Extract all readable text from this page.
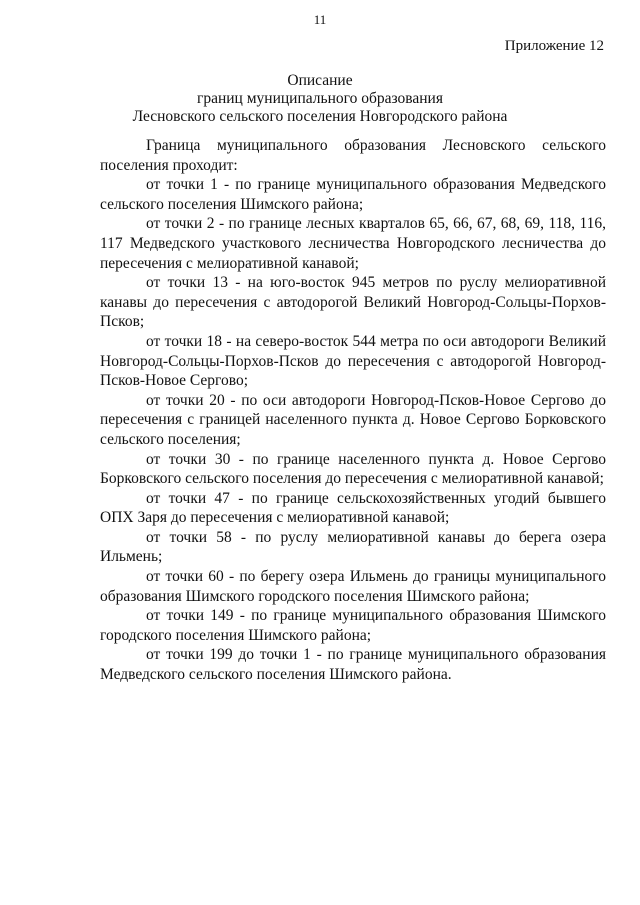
11
Приложение 12
Описание
границ муниципального образования
Лесновского сельского поселения Новгородского района

Граница муниципального образования Лесновского сельского поселения проходит:

от точки 1 - по границе муниципального образования Медведского сельского поселения Шимского района;

от точки 2 - по границе лесных кварталов 65, 66, 67, 68, 69, 118, 116, 117 Медведского участкового лесничества Новгородского лесничества до пересечения с мелиоративной канавой;

от точки 13 - на юго-восток 945 метров по руслу мелиоративной канавы до пересечения с автодорогой Великий Новгород-Сольцы-Порхов-Псков;

от точки 18 - на северо-восток 544 метра по оси автодороги Великий Новгород-Сольцы-Порхов-Псков до пересечения с автодорогой Новгород-Псков-Новое Сергово;

от точки 20 - по оси автодороги Новгород-Псков-Новое Сергово до пересечения с границей населенного пункта д. Новое Сергово Борковского сельского поселения;

от точки 30 - по границе населенного пункта д. Новое Сергово Борковского сельского поселения до пересечения с мелиоративной канавой;

от точки 47 - по границе сельскохозяйственных угодий бывшего ОПХ Заря до пересечения с мелиоративной канавой;

от точки 58 - по руслу мелиоративной канавы до берега озера Ильмень;

от точки 60 - по берегу озера Ильмень до границы муниципального образования Шимского городского поселения Шимского района;

от точки 149 - по границе муниципального образования Шимского городского поселения Шимского района;

от точки 199 до точки 1 - по границе муниципального образования Медведского сельского поселения Шимского района.
